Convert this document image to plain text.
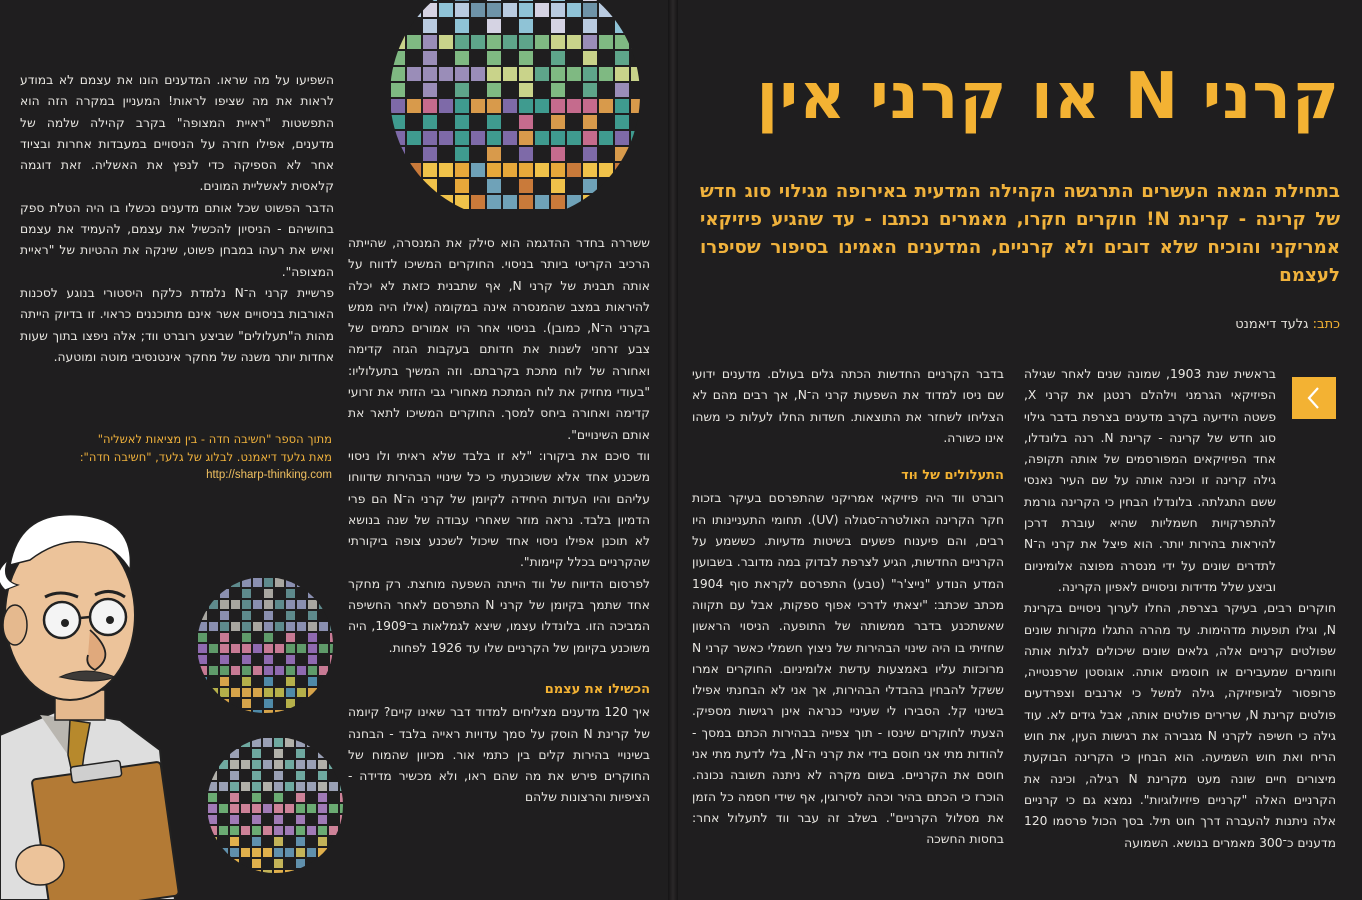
קרני N או קרני אין
בתחילת המאה העשרים התרגשה הקהילה המדעית באירופה מגילוי סוג חדש של קרינה - קרינת N! חוקרים חקרו, מאמרים נכתבו - עד שהגיע פיזיקאי אמריקני והוכיח שלא דובים ולא קרניים, המדענים האמינו בסיפור שסיפרו לעצמם
כתב: גלעד דיאמנט

בראשית שנת 1903, שמונה שנים לאחר שגילה הפיזיקאי הגרמני וילהלם רנטגן את קרני X, פשטה הידיעה בקרב מדענים בצרפת בדבר גילוי סוג חדש של קרינה - קרינת N. רנה בלונדלו, אחד הפיזיקאים המפורסמים של אותה תקופה, גילה קרינה זו וכינה אותה על שם העיר נאנסי ששם התגלתה. בלונדלו הבחין כי הקרינה גורמת להתפרקויות חשמליות שהיא עוברת דרכן להיראות בהירות יותר. הוא פיצל את קרני ה־N לתדרים שונים על ידי מנסרה מפוצה אלומיניום וביצע שלל מדידות וניסויים לאפיון הקרינה.

חוקרים רבים, בעיקר בצרפת, החלו לערוך ניסויים בקרינת N, וגילו תופעות מדהימות. עד מהרה התגלו מקורות שונים שפולטים קרניים אלה, גלאים שונים שיכולים לגלות אותה וחומרים שמעבירים או חוסמים אותה. אוגוסטן שרפנטייה, פרופסור לביופיזיקה, גילה למשל כי ארנבים וצפרדעים פולטים קרינת N, שרירים פולטים אותה, אבל גידים לא. עוד גילה כי חשיפה לקרני N מגבירה את רגישות העין, את חוש הריח ואת חוש השמיעה. הוא הבחין כי הקרינה הבוקעת מיצורים חיים שונה מעט מקרינת N רגילה, וכינה את הקרניים האלה "קרניים פיזיולוגיות". נמצא גם כי קרניים אלה ניתנות להעברה דרך חוט תיל. בסך הכול פרסמו 120 מדענים כ־300 מאמרים בנושא. השמועה

בדבר הקרניים החדשות הכתה גלים בעולם. מדענים ידועי שם ניסו למדוד את השפעות קרני ה־N, אך רבים מהם לא הצליחו לשחזר את התוצאות. חשדות החלו לעלות כי משהו אינו כשורה.

התעלולים של וּוד

רוברט ווד היה פיזיקאי אמריקני שהתפרסם בעיקר בזכות חקר הקרינה האולטרה־סגולה (UV). תחומי התעניינותו היו רבים, והם פיענוח פשעים בשיטות מדעיות. כששמע על הקרניים החדשות, הגיע לצרפת לבדוק במה מדובר. בשבועון המדע הנודע "נייצ'ר" (טבע) התפרסם לקראת סוף 1904 מכתב שכתב: "יצאתי לדרכי אפוף ספקות, אבל עם תקווה שאשתכנע בדבר ממשותה של התופעה. הניסוי הראשון שחזיתי בו היה שינוי הבהירות של ניצוץ חשמלי כאשר קרני N מרוכזות עליו באמצעות עדשת אלומיניום. החוקרים אמרו ששקל להבחין בהבדלי הבהירות, אך אני לא הבחנתי אפילו בשינוי קל. הסבירו לי שעיניי כנראה אינן רגישות מספיק. הצעתי לחוקרים שינסו - תוך צפייה בבהירות הכתם במסך - להודות מתי אני חוסם בידי את קרני ה־N, בלי לדעת מתי אני חוסם את הקרניים. בשום מקרה לא ניתנה תשובה נכונה. הוכרז כי הכתם בהיר וכהה לסירוגין, אף שידי חסמה כל הזמן את מסלול הקרניים". בשלב זה עבר ווד לתעלול אחר: בחסות החשכה

ששררה בחדר ההדגמה הוא סילק את המנסרה, שהייתה הרכיב הקריטי ביותר בניסוי. החוקרים המשיכו לדווח על אותה תבנית של קרני N, אף שתבנית כזאת לא יכלה להיראות במצב שהמנסרה אינה במקומה (אילו היה ממש בקרני ה־N, כמובן). בניסוי אחר היו אמורים כתמים של צבע זרחני לשנות את חדותם בעקבות הגזה קדימה ואחורה של לוח מתכת בקרבתם. וזה המשיך בתעלוליו: "בעודי מחזיק את לוח המתכת מאחורי גבי הזזתי את זרועי קדימה ואחורה ביחס למסך. החוקרים המשיכו לתאר את אותם השינויים".

ווד סיכם את ביקורו: "לא זו בלבד שלא ראיתי ולו ניסוי משכנע אחד אלא ששוכנעתי כי כל שינויי הבהירות שדווחו עליהם והיו העדות היחידה לקיומן של קרני ה־N הם פרי הדמיון בלבד. נראה מוזר שאחרי עבודה של שנה בנושא לא תוכנן אפילו ניסוי אחד שיכול לשכנע צופה ביקורתי שהקרניים בכלל קיימות".

לפרסום הדיווח של ווד הייתה השפעה מוחצת. רק מחקר אחד שתמך בקיומן של קרני N התפרסם לאחר החשיפה המביכה הזו. בלונדלו עצמו, שיצא לגמלאות ב־1909, היה משוכנע בקיומן של הקרניים שלו עד 1926 לפחות.

הכשילו את עצמם

איך 120 מדענים מצליחים למדוד דבר שאינו קיים? קיומה של קרינת N הוסק על סמך עדויות ראייה בלבד - הבחנה בשינויי בהירות קלים בין כתמי אור. מכיוון שהמוח של החוקרים פירש את מה שהם ראו, ולא מכשיר מדידה - הציפיות והרצונות שלהם

השפיעו על מה שראו. המדענים הונו את עצמם לא במודע לראות את מה שציפו לראות! המעניין במקרה הזה הוא התפשטות "ראיית המצופה" בקרב קהילה שלמה של מדענים, אפילו חזרה על הניסויים במעבדות אחרות ובציוד אחר לא הספיקה כדי לנפץ את האשליה. זאת דוגמה קלאסית לאשליית המונים.

הדבר הפשוט שכל אותם מדענים נכשלו בו היה הטלת ספק בחושיהם - הניסיון להכשיל את עצמם, להעמיד את עצמם ואיש את רעהו במבחן פשוט, שינקה את ההטיות של "ראיית המצופה".

פרשיית קרני ה־N נלמדת כלקח היסטורי בנוגע לסכנות האורבות בניסויים אשר אינם מתוכננים כראוי. זו בדיוק הייתה מהות ה"תעלולים" שביצע רוברט ווד; אלה ניפצו בתוך שעות אחדות יותר משנה של מחקר אינטנסיבי מוטה ומוטעה.

מתוך הספר "חשיבה חדה - בין מציאות לאשליה"
מאת גלעד דיאמנט. לבלוג של גלעד, "חשיבה חדה":
http://sharp-thinking.com
